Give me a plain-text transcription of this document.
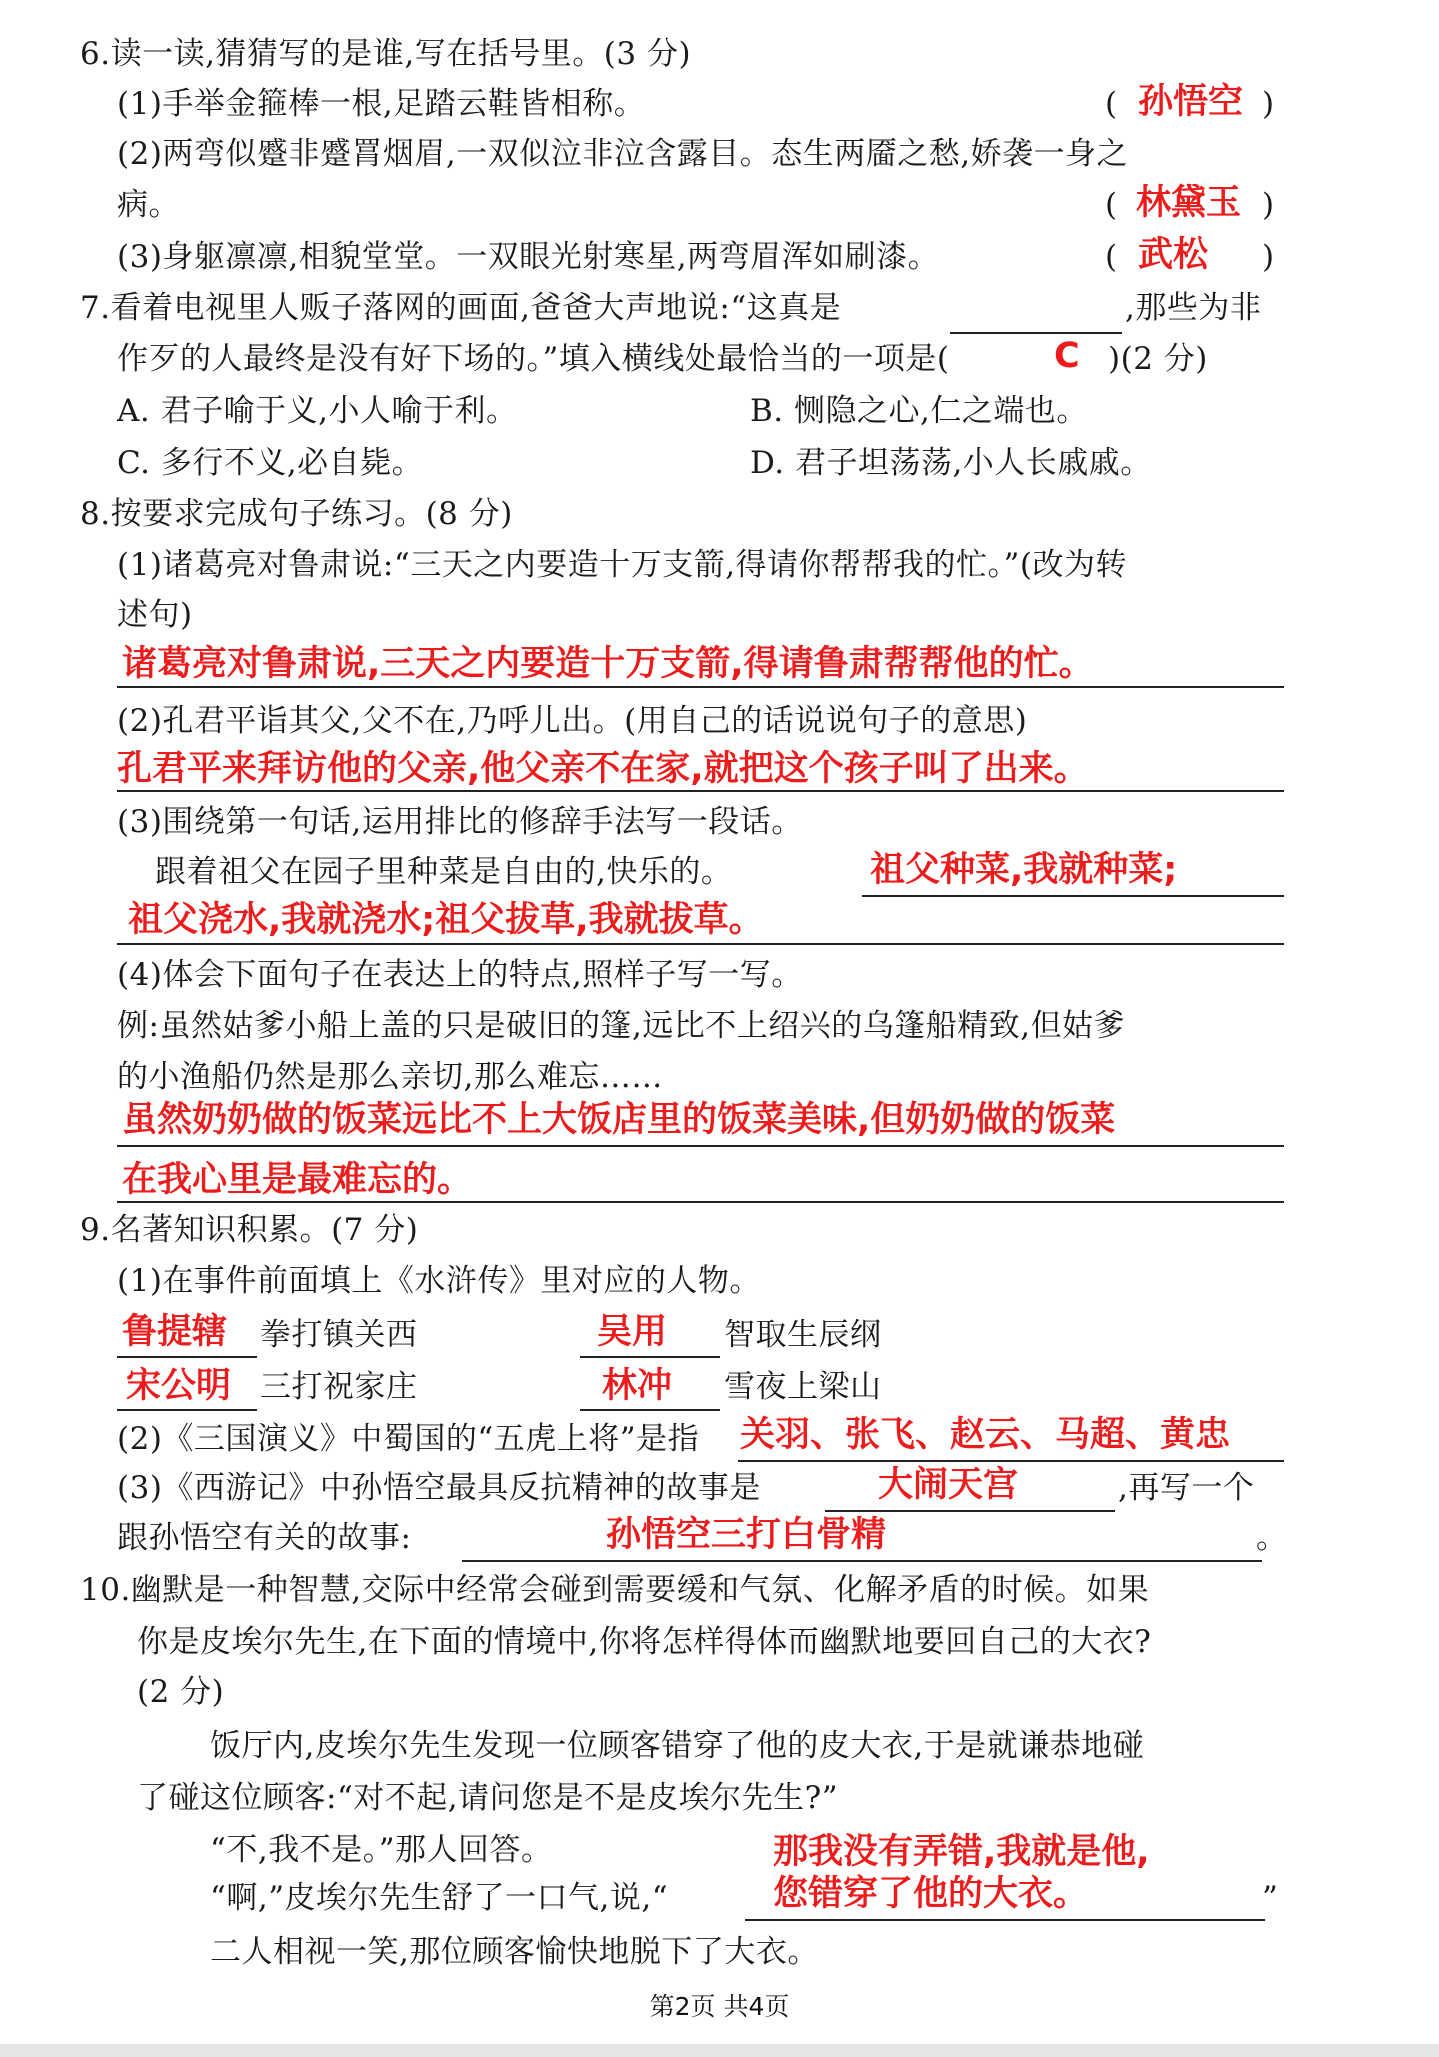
6.读一读,猜猜写的是谁,写在括号里。(3 分)
(1)手举金箍棒一根,足踏云鞋皆相称。	( 孙悟空 )
(2)两弯似蹙非蹙罥烟眉,一双似泣非泣含露目。态生两靥之愁,娇袭一身之
病。	( 林黛玉 )
(3)身躯凛凛,相貌堂堂。一双眼光射寒星,两弯眉浑如刷漆。	( 武松 )
7.看着电视里人贩子落网的画面,爸爸大声地说:“这真是	,那些为非
作歹的人最终是没有好下场的。”填入横线处最恰当的一项是(	C )(2 分)
A. 君子喻于义,小人喻于利。	B. 恻隐之心,仁之端也。
C. 多行不义,必自毙。	D. 君子坦荡荡,小人长戚戚。
8.按要求完成句子练习。(8 分)
(1)诸葛亮对鲁肃说:“三天之内要造十万支箭,得请你帮帮我的忙。”(改为转
述句)
诸葛亮对鲁肃说,三天之内要造十万支箭,得请鲁肃帮帮他的忙。
(2)孔君平诣其父,父不在,乃呼儿出。(用自己的话说说句子的意思)
孔君平来拜访他的父亲,他父亲不在家,就把这个孩子叫了出来。
(3)围绕第一句话,运用排比的修辞手法写一段话。
跟着祖父在园子里种菜是自由的,快乐的。	祖父种菜,我就种菜;
祖父浇水,我就浇水;祖父拔草,我就拔草。
(4)体会下面句子在表达上的特点,照样子写一写。
例:虽然姑爹小船上盖的只是破旧的篷,远比不上绍兴的乌篷船精致,但姑爹
的小渔船仍然是那么亲切,那么难忘……
虽然奶奶做的饭菜远比不上大饭店里的饭菜美味,但奶奶做的饭菜
在我心里是最难忘的。
9.名著知识积累。(7 分)
(1)在事件前面填上《水浒传》里对应的人物。
鲁提辖 拳打镇关西	吴用 智取生辰纲
宋公明 三打祝家庄	林冲 雪夜上梁山
(2)《三国演义》中蜀国的“五虎上将”是指 关羽、张飞、赵云、马超、黄忠
(3)《西游记》中孙悟空最具反抗精神的故事是	大闹天宫	,再写一个
跟孙悟空有关的故事:	孙悟空三打白骨精	。
10.幽默是一种智慧,交际中经常会碰到需要缓和气氛、化解矛盾的时候。如果
你是皮埃尔先生,在下面的情境中,你将怎样得体而幽默地要回自己的大衣?
(2 分)
饭厅内,皮埃尔先生发现一位顾客错穿了他的皮大衣,于是就谦恭地碰
了碰这位顾客:“对不起,请问您是不是皮埃尔先生?”
“不,我不是。”那人回答。	那我没有弄错,我就是他,
“啊,”皮埃尔先生舒了一口气,说,“	您错穿了他的大衣。	”
二人相视一笑,那位顾客愉快地脱下了大衣。
第2页 共4页
